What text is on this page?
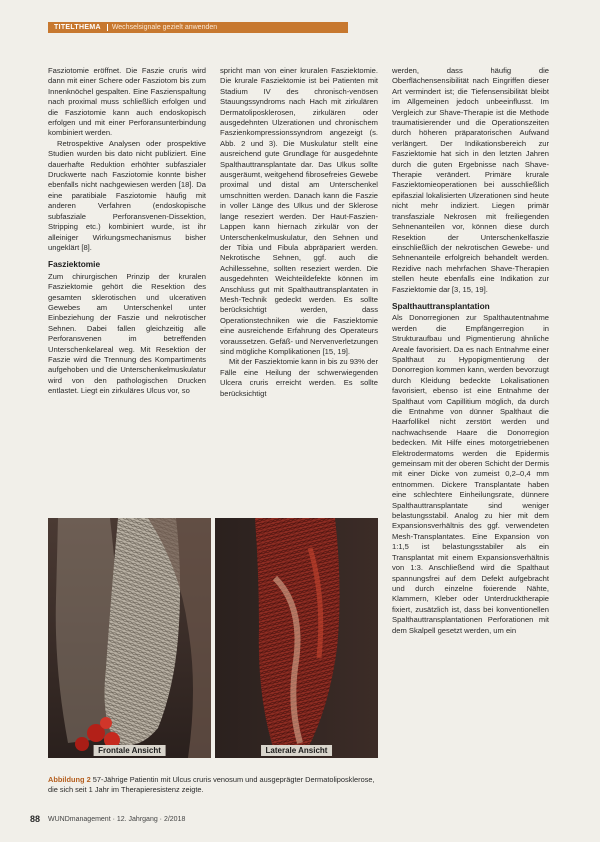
TITELTHEMA	Wechselsignale gezielt anwenden

Fasziotomie eröffnet. Die Faszie cruris wird dann mit einer Schere oder Fasziotom bis zum Innenknöchel gespalten. Eine Faszienspaltung nach proximal muss schließlich erfolgen und die Fasziotomie kann auch endoskopisch erfolgen und mit einer Perforansunterbindung kombiniert werden.

Retrospektive Analysen oder prospektive Studien wurden bis dato nicht publiziert. Eine dauerhafte Reduktion erhöhter subfaszialer Druckwerte nach Fasziotomie konnte bisher ebenfalls nicht nachgewiesen werden [18]. Da eine paratibiale Fasziotomie häufig mit anderen Verfahren (endoskopische subfasziale Perforansvenen-Dissektion, Stripping etc.) kombiniert wurde, ist ihr alleiniger Wirkungsmechanismus bisher ungeklärt [8].

Fasziektomie

Zum chirurgischen Prinzip der kruralen Fasziektomie gehört die Resektion des gesamten sklerotischen und ulcerativen Gewebes am Unterschenkel unter Einbeziehung der Faszie und nekrotischer Sehnen. Dabei fallen gleichzeitig alle Perforansvenen im betreffenden Unterschenkelareal weg. Mit Resektion der Faszie wird die Trennung des Kompartiments aufgehoben und die Unterschenkelmuskulatur wird von den pathologischen Drucken entlastet. Liegt ein zirkuläres Ulcus vor, so

spricht man von einer kruralen Fasziektomie. Die krurale Fasziektomie ist bei Patienten mit Stadium IV des chronisch-venösen Stauungssyndroms nach Hach mit zirkulären Dermatoliposklerosen, zirkulären oder ausgedehnten Ulzerationen und chronischem Faszienkompressionssyndrom angezeigt (s. Abb. 2 und 3). Die Muskulatur stellt eine ausreichend gute Grundlage für ausgedehnte Spalthauttransplantate dar. Das Ulkus sollte ausgeräumt, weitgehend fibrosefreies Gewebe proximal und distal am Unterschenkel umschnitten werden. Danach kann die Faszie in voller Länge des Ulkus und der Sklerose lange reseziert werden. Der Haut-Faszien-Lappen kann hiernach zirkulär von der Unterschenkelmuskulatur, den Sehnen und der Tibia und Fibula abpräpariert werden. Nekrotische Sehnen, ggf. auch die Achillessehne, sollten reseziert werden. Die ausgedehnten Weichteildefekte können im Anschluss gut mit Spalthauttransplantaten in Mesh-Technik gedeckt werden. Es sollte berücksichtigt werden, dass Operationstechniken wie die Fasziektomie eine ausreichende Erfahrung des Operateurs voraussetzen. Gefäß- und Nervenverletzungen sind mögliche Komplikationen [15, 19].

Mit der Fasziektomie kann in bis zu 93% der Fälle eine Heilung der schwerwiegenden Ulcera cruris erreicht werden. Es sollte berücksichtigt

werden, dass häufig die Oberflächensensibilität nach Eingriffen dieser Art vermindert ist; die Tiefensensibilität bleibt im Allgemeinen jedoch unbeeinflusst. Im Vergleich zur Shave-Therapie ist die Methode traumatisierender und die Operationszeiten durch höheren präparatorischen Aufwand verlängert. Der Indikationsbereich zur Fasziektomie hat sich in den letzten Jahren durch die guten Ergebnisse nach Shave-Therapie verändert. Primäre krurale Fasziektomieoperationen bei ausschließlich epifaszial lokalisierten Ulzerationen sind heute nicht mehr indiziert. Liegen primär transfasziale Nekrosen mit freiliegenden Sehnenanteilen vor, können diese durch Resektion der Unterschenkelfaszie einschließlich der nekrotischen Gewebe- und Sehnenanteile erfolgreich behandelt werden. Rezidive nach mehrfachen Shave-Therapien stellen heute ebenfalls eine Indikation zur Fasziektomie dar [3, 15, 19].

Spalthauttransplantation

Als Donorregionen zur Spalthautentnahme werden die Empfängerregion in Strukturaufbau und Pigmentierung ähnliche Areale favorisiert. Da es nach Entnahme einer Spalthaut zu Hypopigmentierung der Donorregion kommen kann, werden bevorzugt durch Kleidung bedeckte Lokalisationen favorisiert, ebenso ist eine Entnahme der Spalthaut vom Capillitium möglich, da durch die Entnahme von dünner Spalthaut die Haarfollikel nicht zerstört werden und nachwachsende Haare die Donorregion bedecken. Mit Hilfe eines motorgetriebenen Elektrodermatoms werden die Epidermis gemeinsam mit der oberen Schicht der Dermis mit einer Dicke von zumeist 0,2–0,4 mm entnommen. Dickere Transplantate haben eine schlechtere Einheilungsrate, dünnere Spalthauttransplantate sind weniger belastungsstabil. Analog zu hier mit dem Expansionsverhältnis des ggf. verwendeten Mesh-Transplantates. Eine Expansion von 1:1,5 ist belastungsstabiler als ein Transplantat mit einem Expansionsverhältnis von 1:3. Anschließend wird die Spalthaut spannungsfrei auf dem Defekt aufgebracht und durch einzelne fixierende Nähte, Klammern, Kleber oder Unterdrucktherapie fixiert, zusätzlich ist, dass bei konventionellen Spalthauttransplantationen Perforationen mit dem Skalpell gesetzt werden, um ein

Frontale Ansicht	Laterale Ansicht
Abbildung 2 57-Jährige Patientin mit Ulcus cruris venosum und ausgeprägter Dermatoliposklerose, die sich seit 1 Jahr im Therapieresistenz zeigte.
88 WUNDmanagement · 12. Jahrgang · 2/2018
